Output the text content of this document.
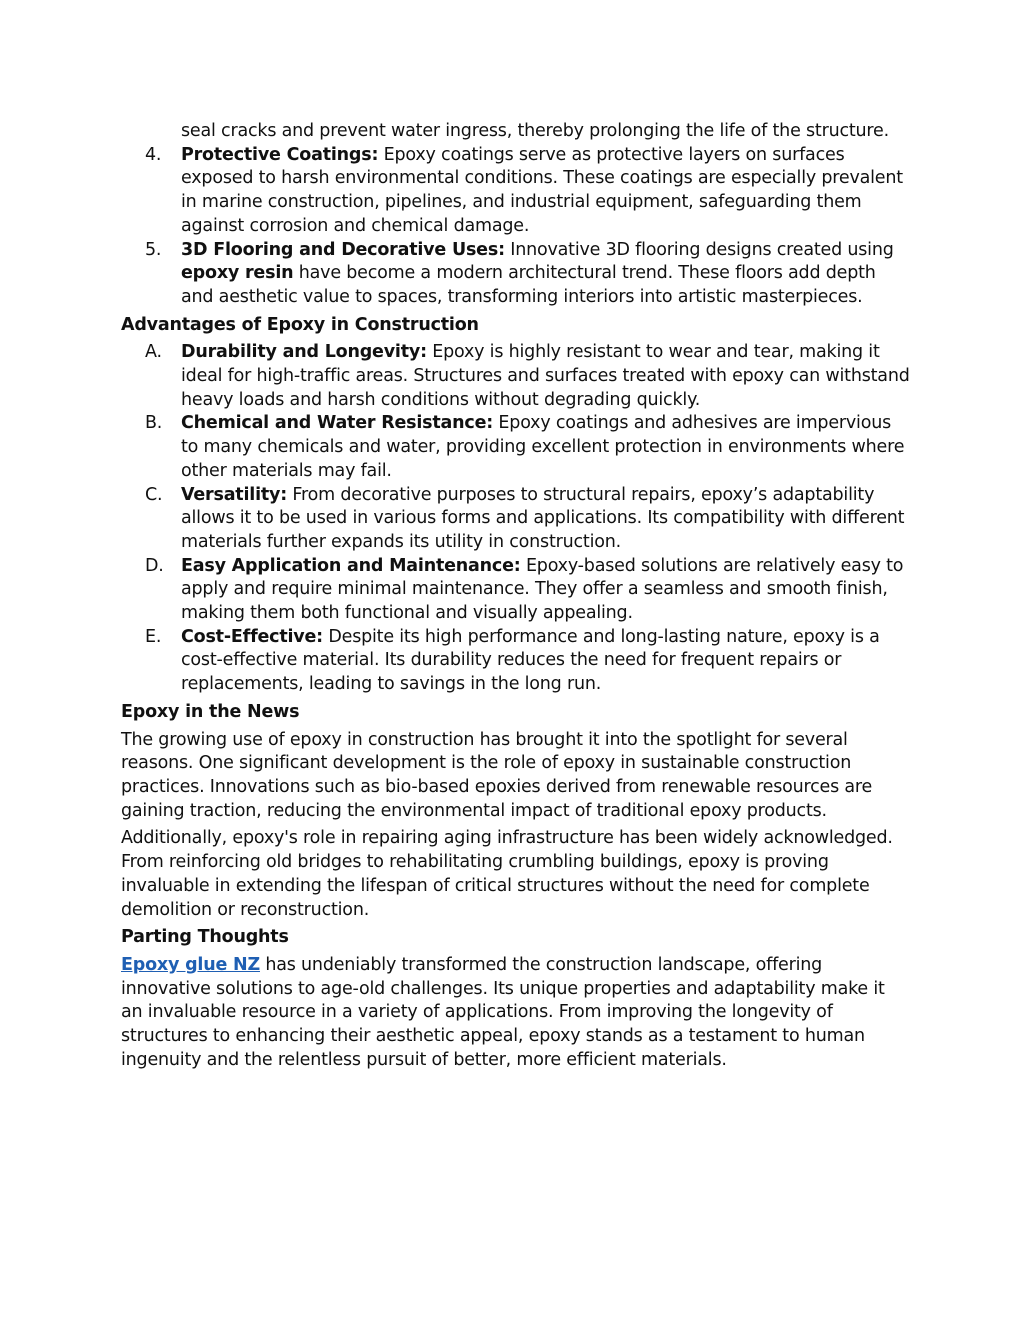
seal cracks and prevent water ingress, thereby prolonging the life of the structure.
4. Protective Coatings: Epoxy coatings serve as protective layers on surfaces exposed to harsh environmental conditions. These coatings are especially prevalent in marine construction, pipelines, and industrial equipment, safeguarding them against corrosion and chemical damage.
5. 3D Flooring and Decorative Uses: Innovative 3D flooring designs created using epoxy resin have become a modern architectural trend. These floors add depth and aesthetic value to spaces, transforming interiors into artistic masterpieces.
Advantages of Epoxy in Construction
A. Durability and Longevity: Epoxy is highly resistant to wear and tear, making it ideal for high-traffic areas. Structures and surfaces treated with epoxy can withstand heavy loads and harsh conditions without degrading quickly.
B. Chemical and Water Resistance: Epoxy coatings and adhesives are impervious to many chemicals and water, providing excellent protection in environments where other materials may fail.
C. Versatility: From decorative purposes to structural repairs, epoxy’s adaptability allows it to be used in various forms and applications. Its compatibility with different materials further expands its utility in construction.
D. Easy Application and Maintenance: Epoxy-based solutions are relatively easy to apply and require minimal maintenance. They offer a seamless and smooth finish, making them both functional and visually appealing.
E. Cost-Effective: Despite its high performance and long-lasting nature, epoxy is a cost-effective material. Its durability reduces the need for frequent repairs or replacements, leading to savings in the long run.
Epoxy in the News
The growing use of epoxy in construction has brought it into the spotlight for several reasons. One significant development is the role of epoxy in sustainable construction practices. Innovations such as bio-based epoxies derived from renewable resources are gaining traction, reducing the environmental impact of traditional epoxy products.
Additionally, epoxy's role in repairing aging infrastructure has been widely acknowledged. From reinforcing old bridges to rehabilitating crumbling buildings, epoxy is proving invaluable in extending the lifespan of critical structures without the need for complete demolition or reconstruction.
Parting Thoughts
Epoxy glue NZ has undeniably transformed the construction landscape, offering innovative solutions to age-old challenges. Its unique properties and adaptability make it an invaluable resource in a variety of applications. From improving the longevity of structures to enhancing their aesthetic appeal, epoxy stands as a testament to human ingenuity and the relentless pursuit of better, more efficient materials.
